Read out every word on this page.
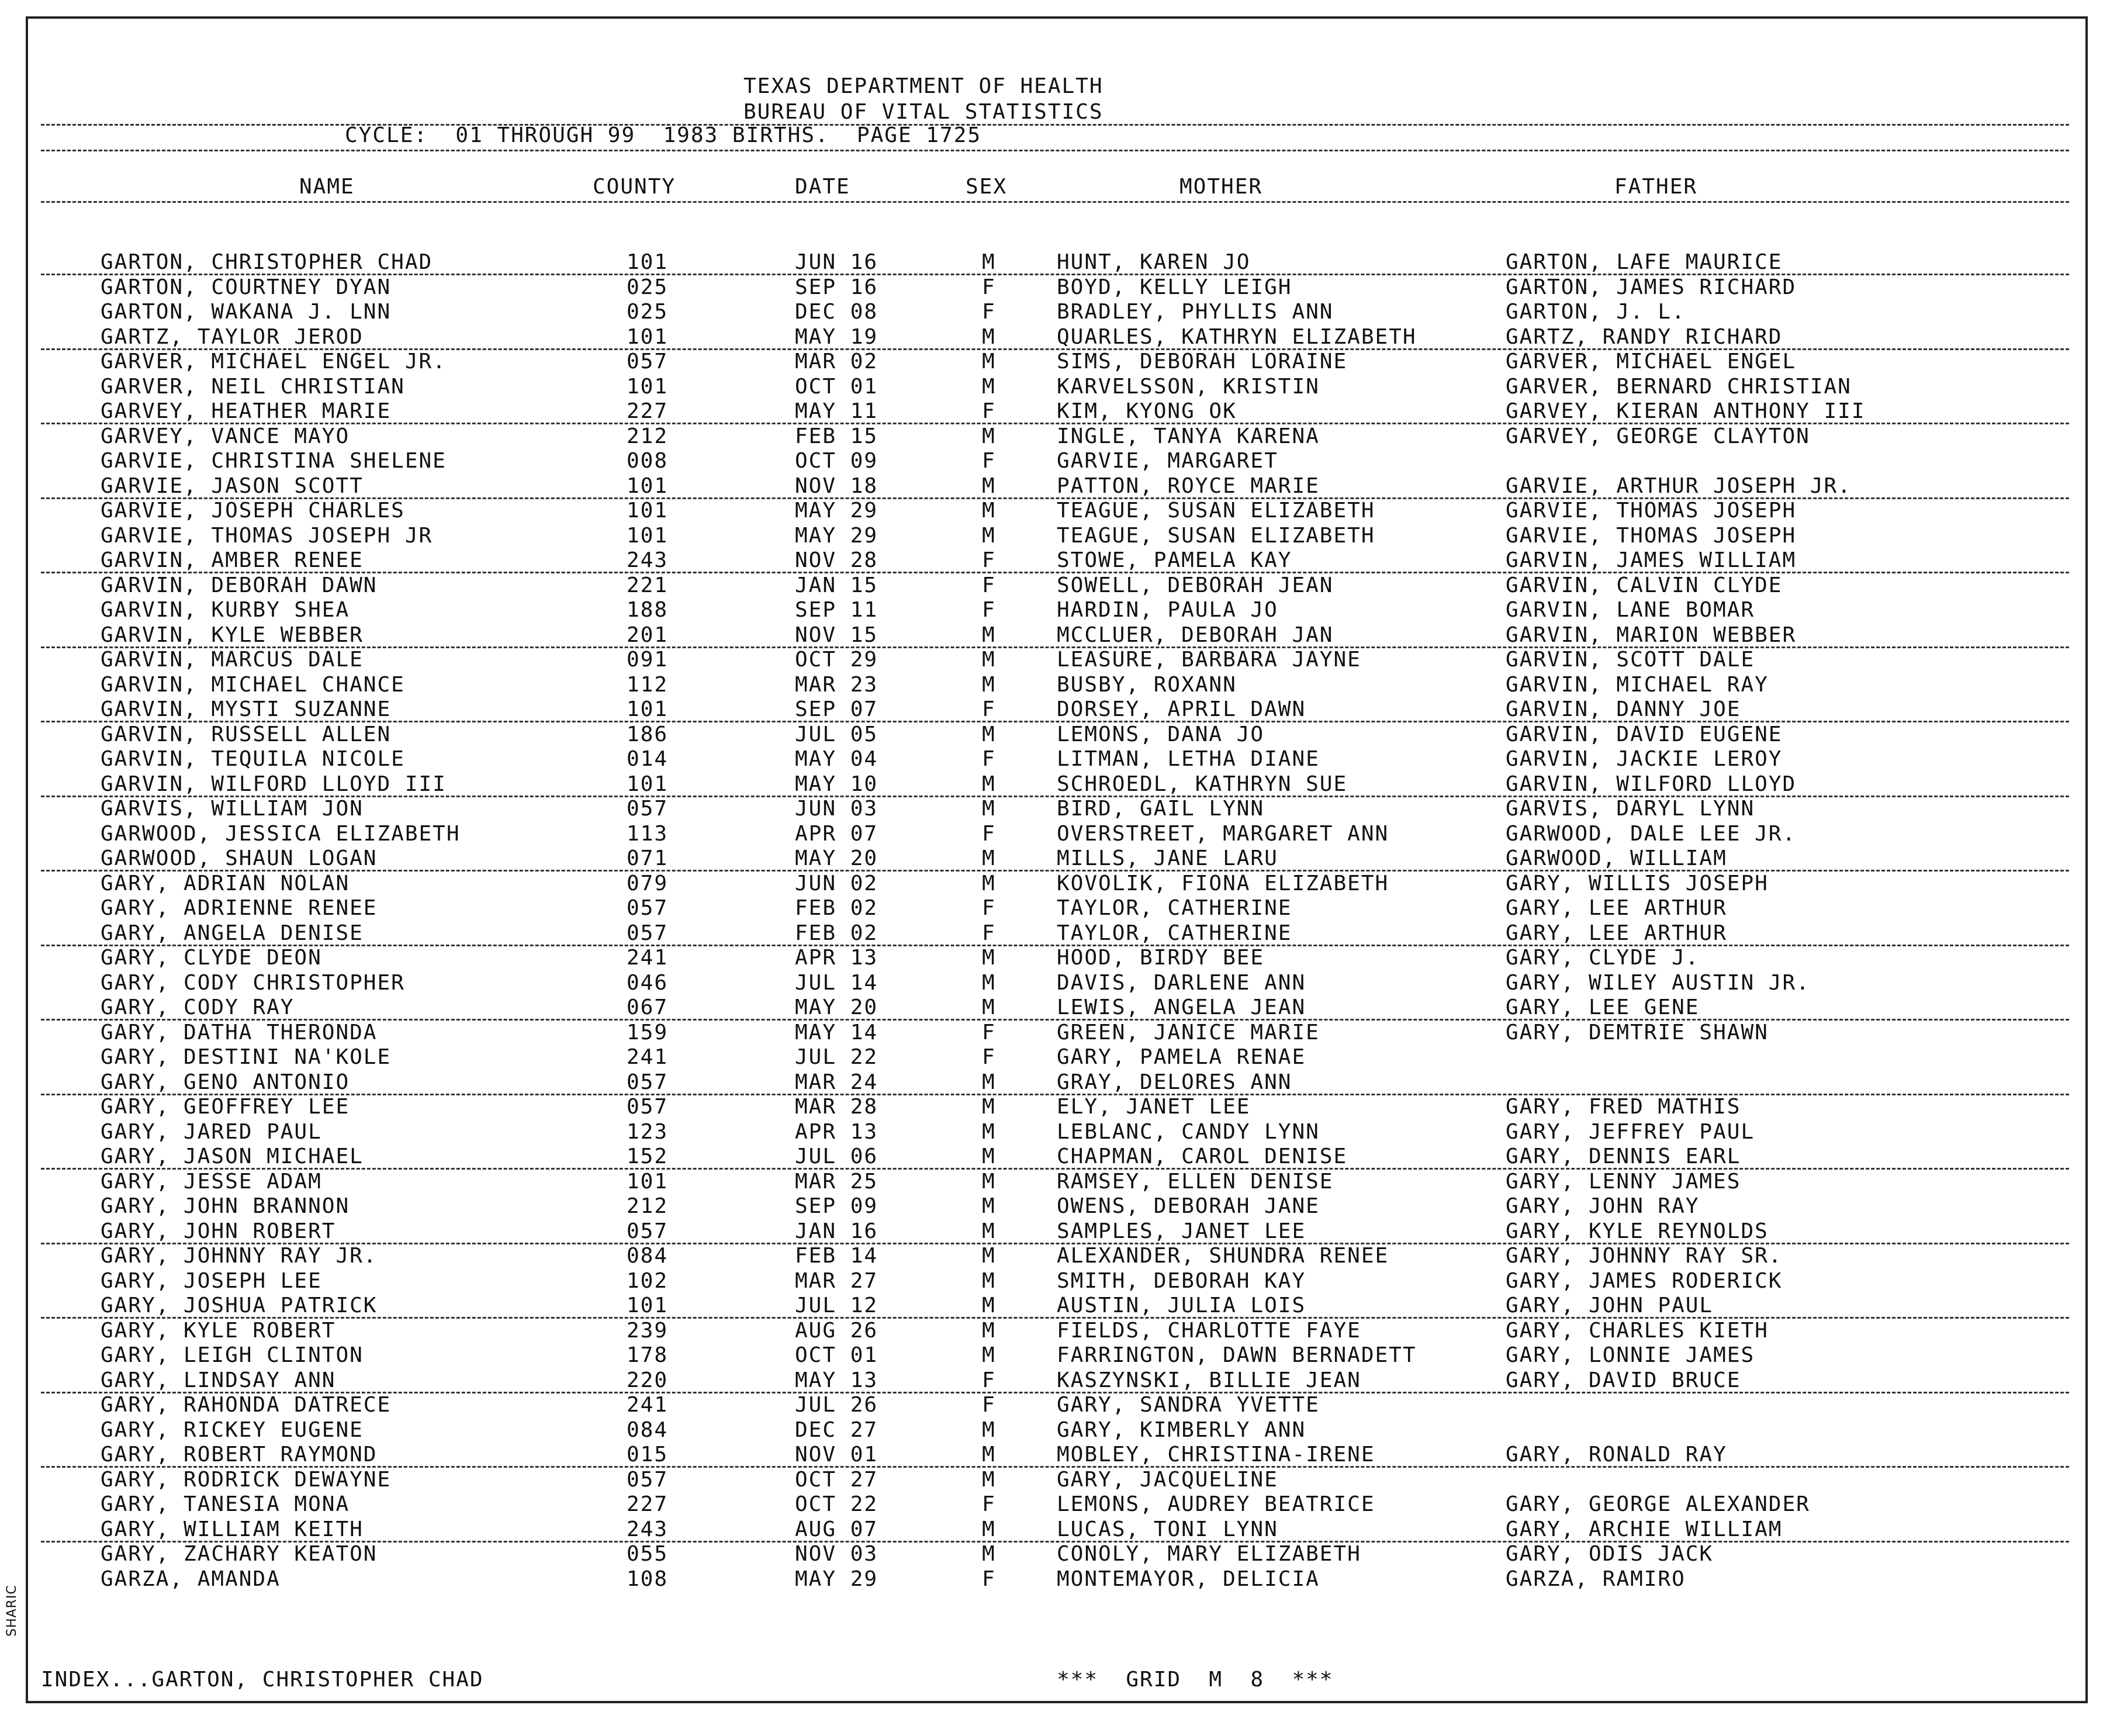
TEXAS DEPARTMENT OF HEALTH
BUREAU OF VITAL STATISTICS
CYCLE:  01 THROUGH 99  1983 BIRTHS.  PAGE 1725
NAME	COUNTY	DATE	SEX	MOTHER	FATHER
GARTON, CHRISTOPHER CHAD	101	JUN 16	M	HUNT, KAREN JO	GARTON, LAFE MAURICE
GARTON, COURTNEY DYAN	025	SEP 16	F	BOYD, KELLY LEIGH	GARTON, JAMES RICHARD
GARTON, WAKANA J. LNN	025	DEC 08	F	BRADLEY, PHYLLIS ANN	GARTON, J. L.
GARTZ, TAYLOR JEROD	101	MAY 19	M	QUARLES, KATHRYN ELIZABETH	GARTZ, RANDY RICHARD
GARVER, MICHAEL ENGEL JR.	057	MAR 02	M	SIMS, DEBORAH LORAINE	GARVER, MICHAEL ENGEL
GARVER, NEIL CHRISTIAN	101	OCT 01	M	KARVELSSON, KRISTIN	GARVER, BERNARD CHRISTIAN
GARVEY, HEATHER MARIE	227	MAY 11	F	KIM, KYONG OK	GARVEY, KIERAN ANTHONY III
GARVEY, VANCE MAYO	212	FEB 15	M	INGLE, TANYA KARENA	GARVEY, GEORGE CLAYTON
GARVIE, CHRISTINA SHELENE	008	OCT 09	F	GARVIE, MARGARET
GARVIE, JASON SCOTT	101	NOV 18	M	PATTON, ROYCE MARIE	GARVIE, ARTHUR JOSEPH JR.
GARVIE, JOSEPH CHARLES	101	MAY 29	M	TEAGUE, SUSAN ELIZABETH	GARVIE, THOMAS JOSEPH
GARVIE, THOMAS JOSEPH JR	101	MAY 29	M	TEAGUE, SUSAN ELIZABETH	GARVIE, THOMAS JOSEPH
GARVIN, AMBER RENEE	243	NOV 28	F	STOWE, PAMELA KAY	GARVIN, JAMES WILLIAM
GARVIN, DEBORAH DAWN	221	JAN 15	F	SOWELL, DEBORAH JEAN	GARVIN, CALVIN CLYDE
GARVIN, KURBY SHEA	188	SEP 11	F	HARDIN, PAULA JO	GARVIN, LANE BOMAR
GARVIN, KYLE WEBBER	201	NOV 15	M	MCCLUER, DEBORAH JAN	GARVIN, MARION WEBBER
GARVIN, MARCUS DALE	091	OCT 29	M	LEASURE, BARBARA JAYNE	GARVIN, SCOTT DALE
GARVIN, MICHAEL CHANCE	112	MAR 23	M	BUSBY, ROXANN	GARVIN, MICHAEL RAY
GARVIN, MYSTI SUZANNE	101	SEP 07	F	DORSEY, APRIL DAWN	GARVIN, DANNY JOE
GARVIN, RUSSELL ALLEN	186	JUL 05	M	LEMONS, DANA JO	GARVIN, DAVID EUGENE
GARVIN, TEQUILA NICOLE	014	MAY 04	F	LITMAN, LETHA DIANE	GARVIN, JACKIE LEROY
GARVIN, WILFORD LLOYD III	101	MAY 10	M	SCHROEDL, KATHRYN SUE	GARVIN, WILFORD LLOYD
GARVIS, WILLIAM JON	057	JUN 03	M	BIRD, GAIL LYNN	GARVIS, DARYL LYNN
GARWOOD, JESSICA ELIZABETH	113	APR 07	F	OVERSTREET, MARGARET ANN	GARWOOD, DALE LEE JR.
GARWOOD, SHAUN LOGAN	071	MAY 20	M	MILLS, JANE LARU	GARWOOD, WILLIAM
GARY, ADRIAN NOLAN	079	JUN 02	M	KOVOLIK, FIONA ELIZABETH	GARY, WILLIS JOSEPH
GARY, ADRIENNE RENEE	057	FEB 02	F	TAYLOR, CATHERINE	GARY, LEE ARTHUR
GARY, ANGELA DENISE	057	FEB 02	F	TAYLOR, CATHERINE	GARY, LEE ARTHUR
GARY, CLYDE DEON	241	APR 13	M	HOOD, BIRDY BEE	GARY, CLYDE J.
GARY, CODY CHRISTOPHER	046	JUL 14	M	DAVIS, DARLENE ANN	GARY, WILEY AUSTIN JR.
GARY, CODY RAY	067	MAY 20	M	LEWIS, ANGELA JEAN	GARY, LEE GENE
GARY, DATHA THERONDA	159	MAY 14	F	GREEN, JANICE MARIE	GARY, DEMTRIE SHAWN
GARY, DESTINI NA'KOLE	241	JUL 22	F	GARY, PAMELA RENAE
GARY, GENO ANTONIO	057	MAR 24	M	GRAY, DELORES ANN
GARY, GEOFFREY LEE	057	MAR 28	M	ELY, JANET LEE	GARY, FRED MATHIS
GARY, JARED PAUL	123	APR 13	M	LEBLANC, CANDY LYNN	GARY, JEFFREY PAUL
GARY, JASON MICHAEL	152	JUL 06	M	CHAPMAN, CAROL DENISE	GARY, DENNIS EARL
GARY, JESSE ADAM	101	MAR 25	M	RAMSEY, ELLEN DENISE	GARY, LENNY JAMES
GARY, JOHN BRANNON	212	SEP 09	M	OWENS, DEBORAH JANE	GARY, JOHN RAY
GARY, JOHN ROBERT	057	JAN 16	M	SAMPLES, JANET LEE	GARY, KYLE REYNOLDS
GARY, JOHNNY RAY JR.	084	FEB 14	M	ALEXANDER, SHUNDRA RENEE	GARY, JOHNNY RAY SR.
GARY, JOSEPH LEE	102	MAR 27	M	SMITH, DEBORAH KAY	GARY, JAMES RODERICK
GARY, JOSHUA PATRICK	101	JUL 12	M	AUSTIN, JULIA LOIS	GARY, JOHN PAUL
GARY, KYLE ROBERT	239	AUG 26	M	FIELDS, CHARLOTTE FAYE	GARY, CHARLES KIETH
GARY, LEIGH CLINTON	178	OCT 01	M	FARRINGTON, DAWN BERNADETT	GARY, LONNIE JAMES
GARY, LINDSAY ANN	220	MAY 13	F	KASZYNSKI, BILLIE JEAN	GARY, DAVID BRUCE
GARY, RAHONDA DATRECE	241	JUL 26	F	GARY, SANDRA YVETTE
GARY, RICKEY EUGENE	084	DEC 27	M	GARY, KIMBERLY ANN
GARY, ROBERT RAYMOND	015	NOV 01	M	MOBLEY, CHRISTINA-IRENE	GARY, RONALD RAY
GARY, RODRICK DEWAYNE	057	OCT 27	M	GARY, JACQUELINE
GARY, TANESIA MONA	227	OCT 22	F	LEMONS, AUDREY BEATRICE	GARY, GEORGE ALEXANDER
GARY, WILLIAM KEITH	243	AUG 07	M	LUCAS, TONI LYNN	GARY, ARCHIE WILLIAM
GARY, ZACHARY KEATON	055	NOV 03	M	CONOLY, MARY ELIZABETH	GARY, ODIS JACK
GARZA, AMANDA	108	MAY 29	F	MONTEMAYOR, DELICIA	GARZA, RAMIRO
INDEX...GARTON, CHRISTOPHER CHAD	***  GRID  M  8  ***
SHARIC
